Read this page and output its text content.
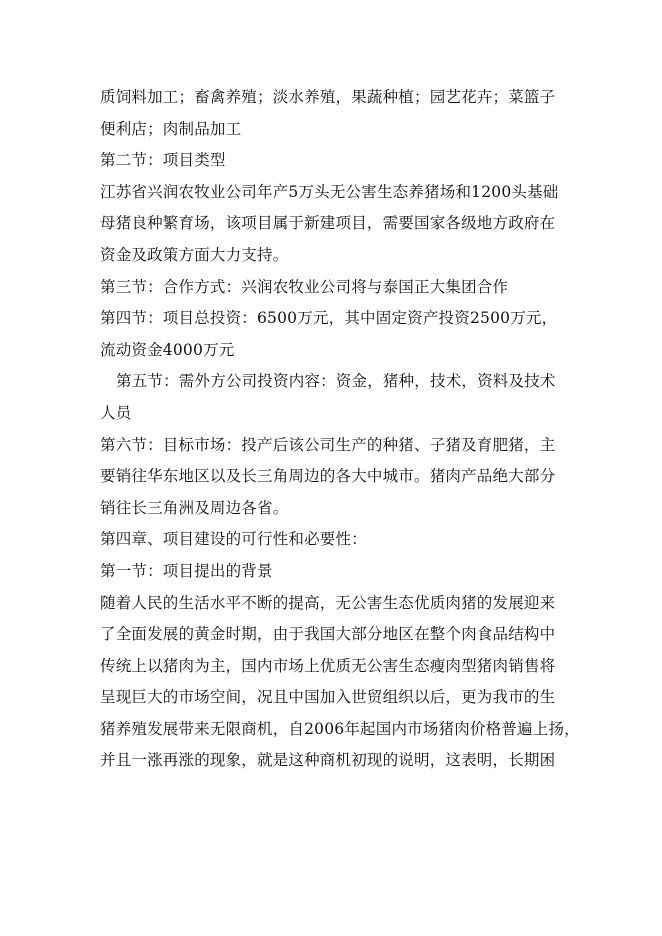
质饲料加工；畜禽养殖；淡水养殖，果蔬种植；园艺花卉；菜篮子
便利店；肉制品加工
第二节：项目类型
江苏省兴润农牧业公司年产5万头无公害生态养猪场和1200头基础
母猪良种繁育场，该项目属于新建项目，需要国家各级地方政府在
资金及政策方面大力支持。
第三节：合作方式：兴润农牧业公司将与泰国正大集团合作
第四节：项目总投资：6500万元，其中固定资产投资2500万元，
流动资金4000万元
第五节：需外方公司投资内容：资金，猪种，技术，资料及技术
人员
第六节：目标市场：投产后该公司生产的种猪、子猪及育肥猪，主
要销往华东地区以及长三角周边的各大中城市。猪肉产品绝大部分
销往长三角洲及周边各省。
第四章、项目建设的可行性和必要性：
第一节：项目提出的背景
随着人民的生活水平不断的提高，无公害生态优质肉猪的发展迎来
了全面发展的黄金时期，由于我国大部分地区在整个肉食品结构中
传统上以猪肉为主，国内市场上优质无公害生态瘦肉型猪肉销售将
呈现巨大的市场空间，况且中国加入世贸组织以后，更为我市的生
猪养殖发展带来无限商机，自2006年起国内市场猪肉价格普遍上扬，
并且一涨再涨的现象，就是这种商机初现的说明，这表明，长期困
